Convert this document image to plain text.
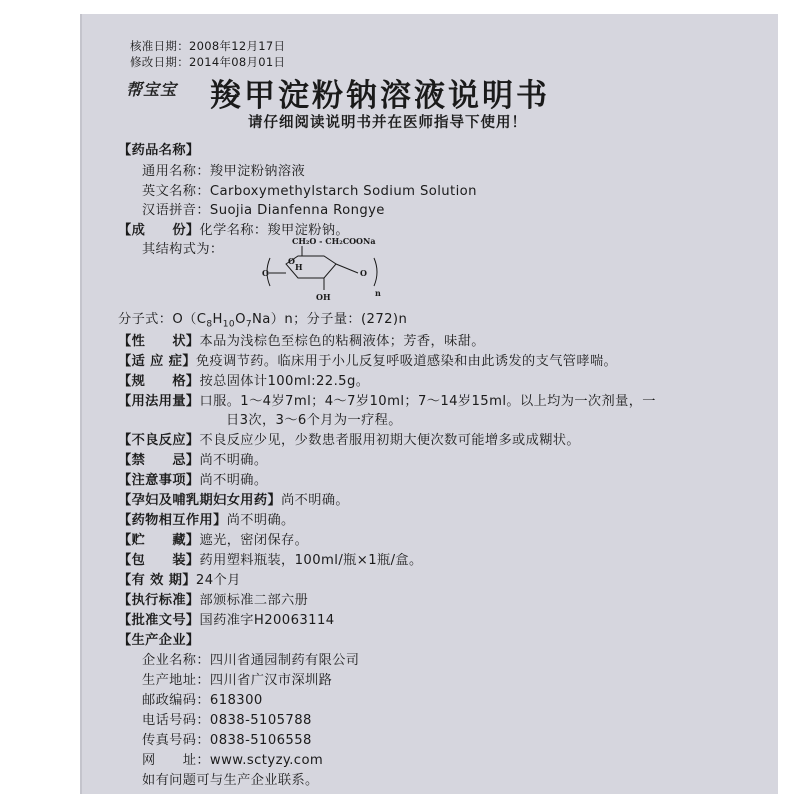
核准日期：2008年12月17日
修改日期：2014年08月01日
帮宝宝 羧甲淀粉钠溶液说明书
请仔细阅读说明书并在医师指导下使用！
【药品名称】
通用名称：羧甲淀粉钠溶液
英文名称：Carboxymethylstarch Sodium Solution
汉语拼音：Suojia Dianfenna Rongye
【成　　份】化学名称：羧甲淀粉钠。
其结构式为：
CH₂O - CH₂COONa
O
O
H
O
OH	n
分子式：$O(C_8H_{10}O_7Na)n$；分子量：(272)n
【性　　状】本品为浅棕色至棕色的粘稠液体；芳香，味甜。
【适 应 症】免疫调节药。临床用于小儿反复呼吸道感染和由此诱发的支气管哮喘。
【规　　格】按总固体计100ml:22.5g。
【用法用量】口服。1～4岁7ml；4～7岁10ml；7～14岁15ml。以上均为一次剂量，一
日3次，3～6个月为一疗程。
【不良反应】不良反应少见，少数患者服用初期大便次数可能增多或成糊状。
【禁　　忌】尚不明确。
【注意事项】尚不明确。
【孕妇及哺乳期妇女用药】尚不明确。
【药物相互作用】尚不明确。
【贮　　藏】遮光，密闭保存。
【包　　装】药用塑料瓶装，100ml/瓶×1瓶/盒。
【有 效 期】24个月
【执行标准】部颁标准二部六册
【批准文号】国药准字H20063114
【生产企业】
企业名称：四川省通园制药有限公司
生产地址：四川省广汉市深圳路
邮政编码：618300
电话号码：0838-5105788
传真号码：0838-5106558
网　　址：www.sctyzy.com
如有问题可与生产企业联系。
